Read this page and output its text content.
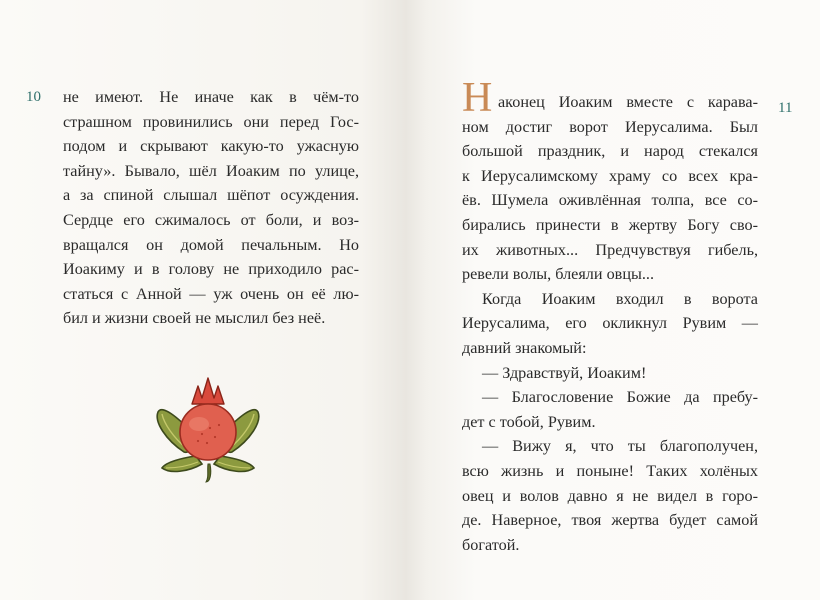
10 не имеют. Не иначе как в чём-то
страшном провинились они перед Гос-
подом и скрывают какую-то ужасную
тайну». Бывало, шёл Иоаким по улице,
а за спиной слышал шёпот осуждения.
Сердце его сжималось от боли, и воз-
вращался он домой печальным. Но
Иоакиму и в голову не приходило рас-
статься с Анной — уж очень он её лю-
бил и жизни своей не мыслил без неё.
11
Н аконец Иоаким вместе с карава-
ном достиг ворот Иерусалима. Был
большой праздник, и народ стекался
к Иерусалимскому храму со всех кра-
ёв. Шумела оживлённая толпа, все со-
бирались принести в жертву Богу сво-
их животных... Предчувствуя гибель,
ревели волы, блеяли овцы...
Когда Иоаким входил в ворота
Иерусалима, его окликнул Рувим —
давний знакомый:
— Здравствуй, Иоаким!
— Благословение Божие да пребу-
дет с тобой, Рувим.
— Вижу я, что ты благополучен,
всю жизнь и поныне! Таких холёных
овец и волов давно я не видел в горо-
де. Наверное, твоя жертва будет самой
богатой.
